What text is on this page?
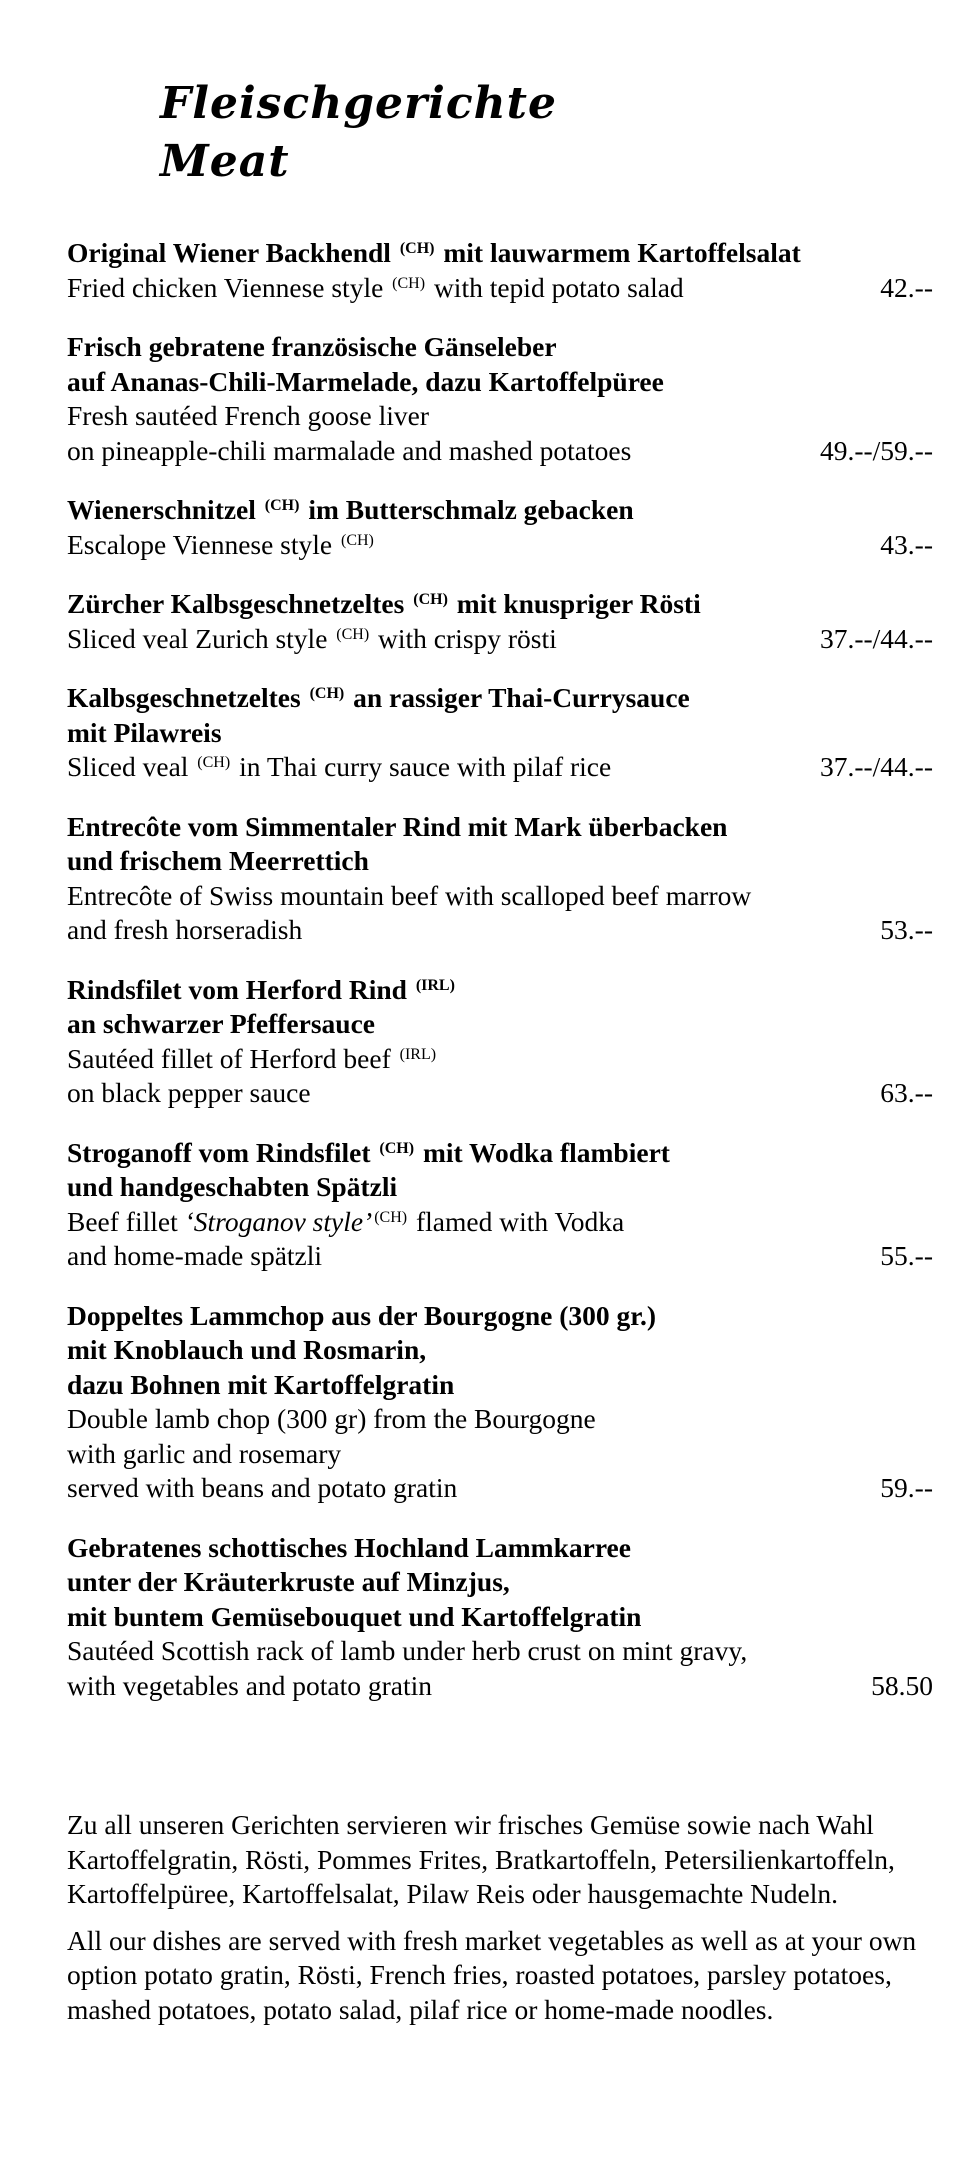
Fleischgerichte
Meat
Original Wiener Backhendl $^{(CH)}$ mit lauwarmem Kartoffelsalat
Fried chicken Viennese style $^{(CH)}$ with tepid potato salad	42.--
Frisch gebratene französische Gänseleber
auf Ananas-Chili-Marmelade, dazu Kartoffelpüree
Fresh sautéed French goose liver
on pineapple-chili marmalade and mashed potatoes	49.--/59.--
Wienerschnitzel $^{(CH)}$ im Butterschmalz gebacken
Escalope Viennese style $^{(CH)}$	43.--
Zürcher Kalbsgeschnetzeltes $^{(CH)}$ mit knuspriger Rösti
Sliced veal Zurich style $^{(CH)}$ with crispy rösti	37.--/44.--
Kalbsgeschnetzeltes $^{(CH)}$ an rassiger Thai-Currysauce
mit Pilawreis
Sliced veal $^{(CH)}$ in Thai curry sauce with pilaf rice	37.--/44.--
Entrecôte vom Simmentaler Rind mit Mark überbacken
und frischem Meerrettich
Entrecôte of Swiss mountain beef with scalloped beef marrow
and fresh horseradish	53.--
Rindsfilet vom Herford Rind $^{(IRL)}$
an schwarzer Pfeffersauce
Sautéed fillet of Herford beef $^{(IRL)}$
on black pepper sauce	63.--
Stroganoff vom Rindsfilet $^{(CH)}$ mit Wodka flambiert
und handgeschabten Spätzli
Beef fillet ‘Stroganov style’ $^{(CH)}$ flamed with Vodka
and home-made spätzli	55.--
Doppeltes Lammchop aus der Bourgogne (300 gr.)
mit Knoblauch und Rosmarin,
dazu Bohnen mit Kartoffelgratin
Double lamb chop (300 gr) from the Bourgogne
with garlic and rosemary
served with beans and potato gratin	59.--
Gebratenes schottisches Hochland Lammkarree
unter der Kräuterkruste auf Minzjus,
mit buntem Gemüsebouquet und Kartoffelgratin
Sautéed Scottish rack of lamb under herb crust on mint gravy,
with vegetables and potato gratin	58.50

Zu all unseren Gerichten servieren wir frisches Gemüse sowie nach Wahl Kartoffelgratin, Rösti, Pommes Frites, Bratkartoffeln, Petersilienkartoffeln, Kartoffelpüree, Kartoffelsalat, Pilaw Reis oder hausgemachte Nudeln.

All our dishes are served with fresh market vegetables as well as at your own option potato gratin, Rösti, French fries, roasted potatoes, parsley potatoes, mashed potatoes, potato salad, pilaf rice or home-made noodles.
